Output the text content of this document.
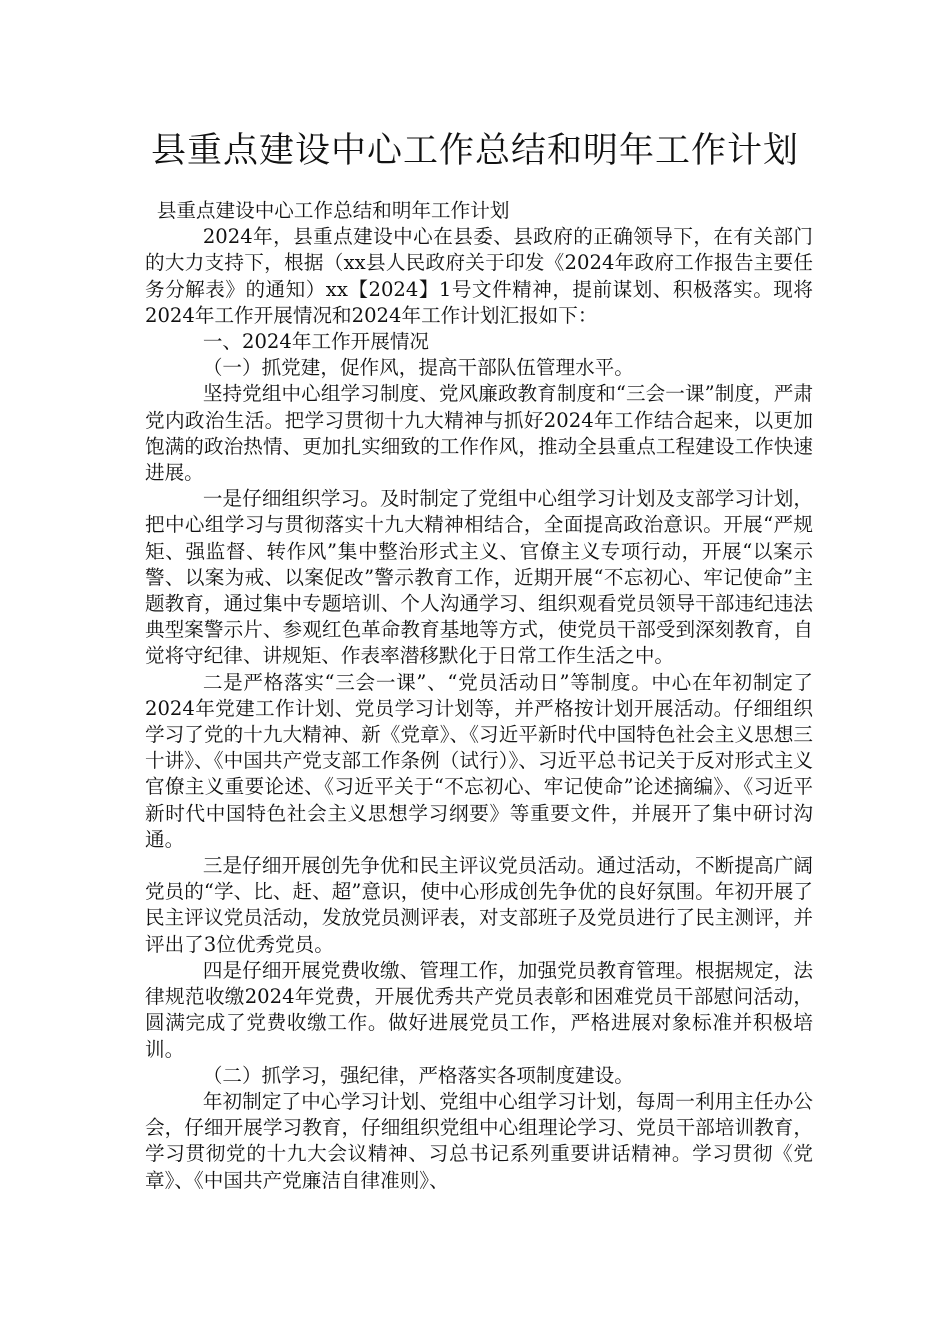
县重点建设中心工作总结和明年工作计划

县重点建设中心工作总结和明年工作计划

2024年，县重点建设中心在县委、县政府的正确领导下，在有关部门的大力支持下，根据（xx县人民政府关于印发《2024年政府工作报告主要任务分解表》的通知）xx【2024】1号文件精神，提前谋划、积极落实。现将2024年工作开展情况和2024年工作计划汇报如下：

一、2024年工作开展情况

（一）抓党建，促作风，提高干部队伍管理水平。

坚持党组中心组学习制度、党风廉政教育制度和“三会一课”制度，严肃党内政治生活。把学习贯彻十九大精神与抓好2024年工作结合起来，以更加饱满的政治热情、更加扎实细致的工作作风，推动全县重点工程建设工作快速进展。

一是仔细组织学习。及时制定了党组中心组学习计划及支部学习计划，把中心组学习与贯彻落实十九大精神相结合，全面提高政治意识。开展“严规矩、强监督、转作风”集中整治形式主义、官僚主义专项行动，开展“以案示警、以案为戒、以案促改”警示教育工作，近期开展“不忘初心、牢记使命”主题教育，通过集中专题培训、个人沟通学习、组织观看党员领导干部违纪违法典型案警示片、参观红色革命教育基地等方式，使党员干部受到深刻教育，自觉将守纪律、讲规矩、作表率潜移默化于日常工作生活之中。

二是严格落实“三会一课”、“党员活动日”等制度。中心在年初制定了2024年党建工作计划、党员学习计划等，并严格按计划开展活动。仔细组织学习了党的十九大精神、新《党章》、《习近平新时代中国特色社会主义思想三十讲》、《中国共产党支部工作条例（试行）》、习近平总书记关于反对形式主义官僚主义重要论述、《习近平关于“不忘初心、牢记使命”论述摘编》、《习近平新时代中国特色社会主义思想学习纲要》等重要文件，并展开了集中研讨沟通。

三是仔细开展创先争优和民主评议党员活动。通过活动，不断提高广阔党员的“学、比、赶、超”意识，使中心形成创先争优的良好氛围。年初开展了民主评议党员活动，发放党员测评表，对支部班子及党员进行了民主测评，并评出了3位优秀党员。

四是仔细开展党费收缴、管理工作，加强党员教育管理。根据规定，法律规范收缴2024年党费，开展优秀共产党员表彰和困难党员干部慰问活动，圆满完成了党费收缴工作。做好进展党员工作，严格进展对象标准并积极培训。

（二）抓学习，强纪律，严格落实各项制度建设。

年初制定了中心学习计划、党组中心组学习计划，每周一利用主任办公会，仔细开展学习教育，仔细组织党组中心组理论学习、党员干部培训教育，学习贯彻党的十九大会议精神、习总书记系列重要讲话精神。学习贯彻《党章》、《中国共产党廉洁自律准则》、
